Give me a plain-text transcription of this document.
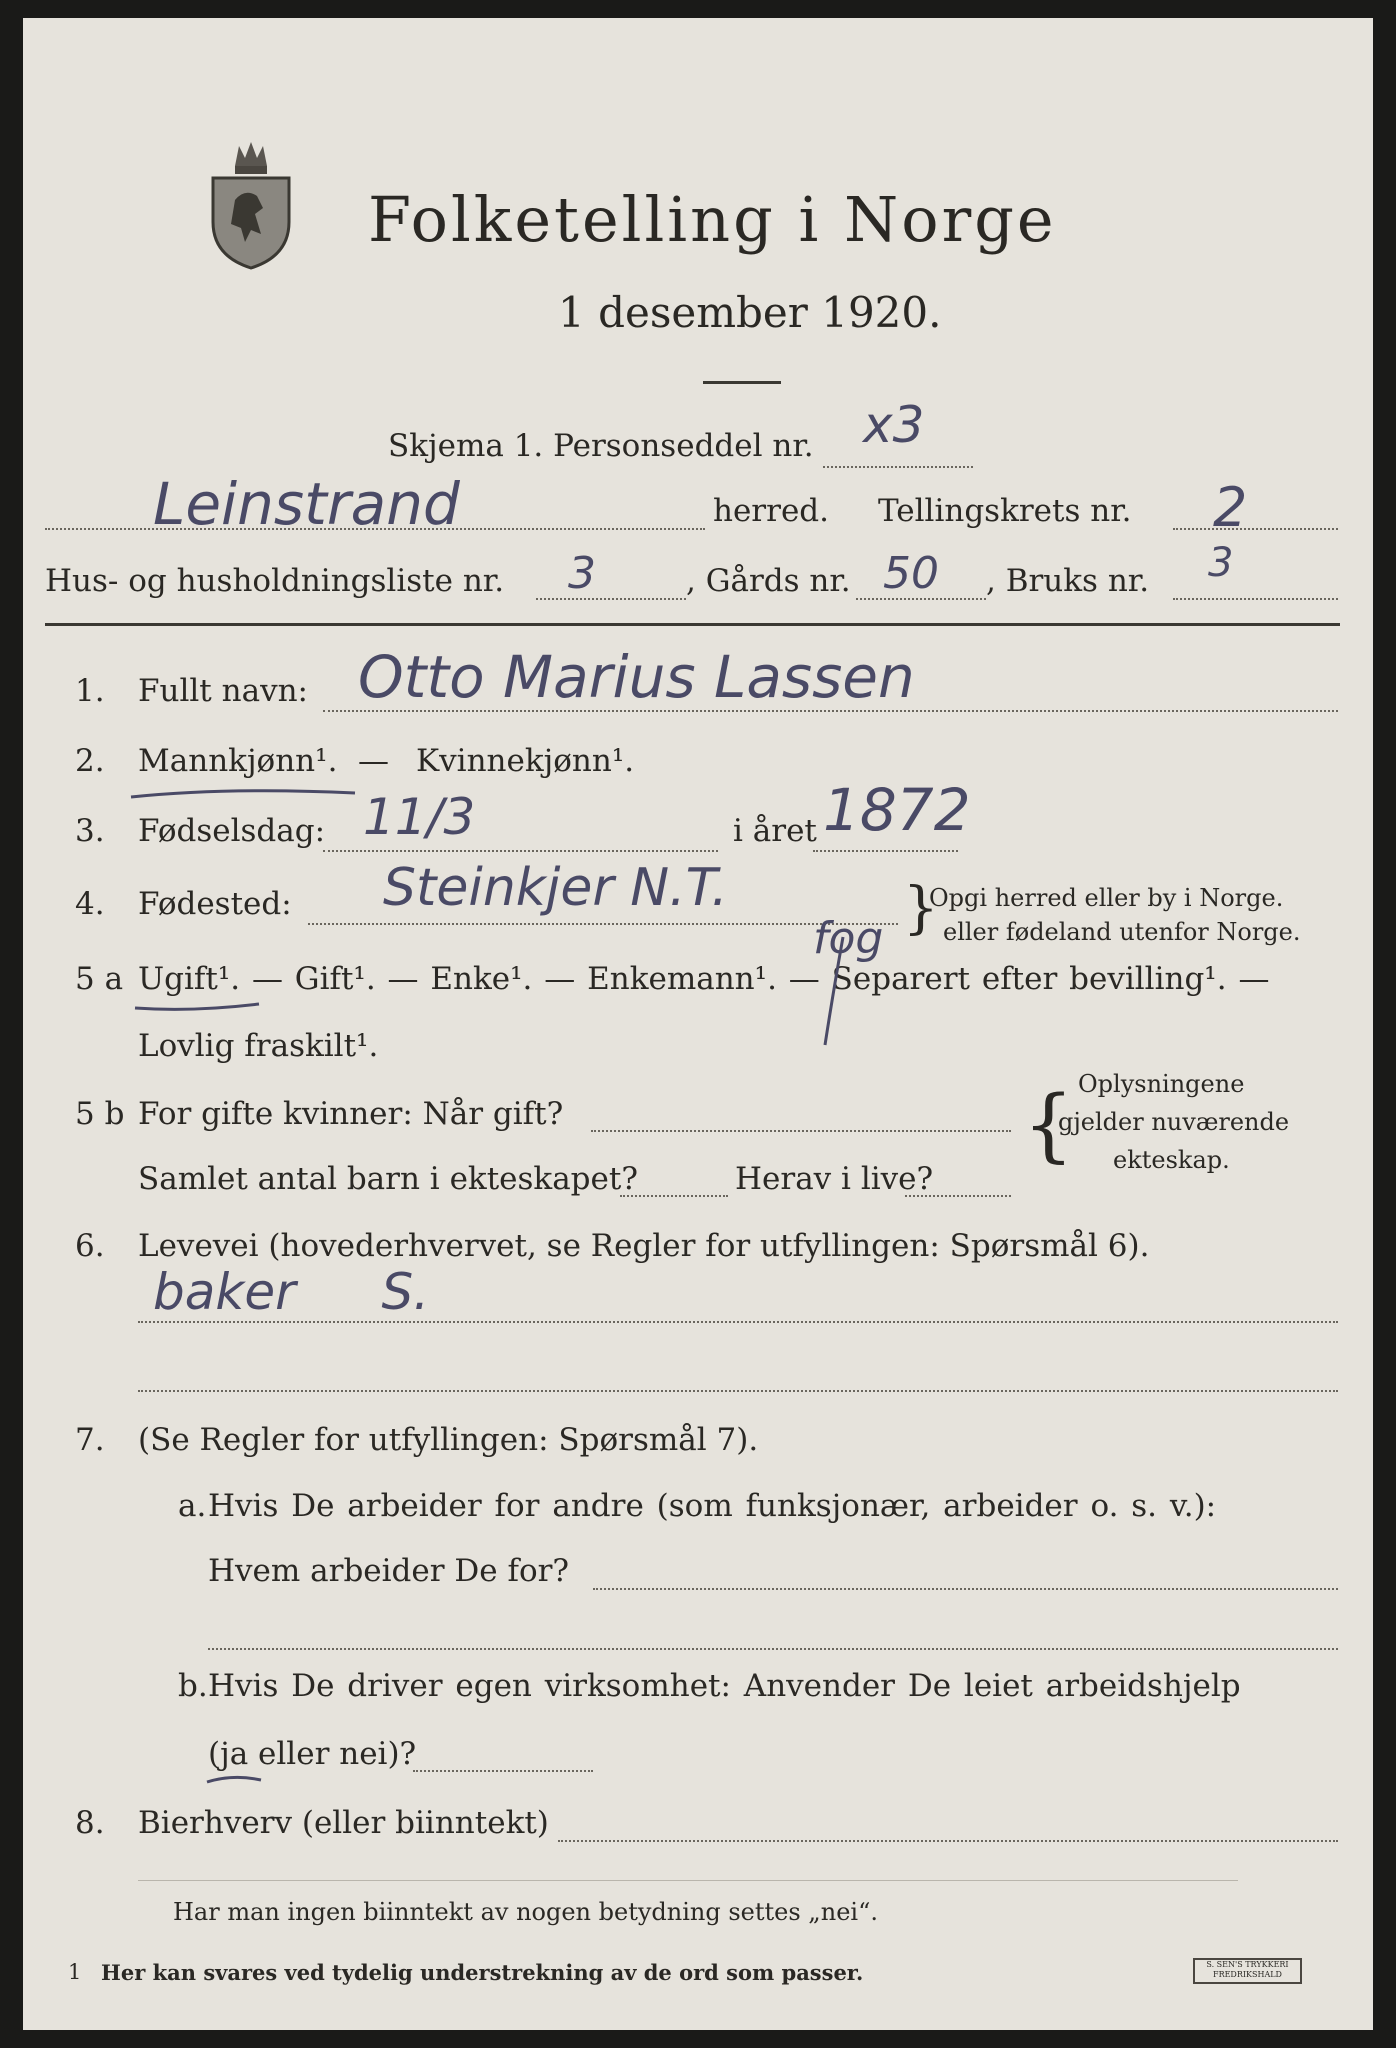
Folketelling i Norge
1 desember 1920.
Skjema 1. Personseddel nr. x3
Leinstrand	herred. Tellingskrets nr. 2
Hus- og husholdningsliste nr. 3	, Gårds nr. 50 , Bruks nr. 3
1. Fullt navn: Otto Marius Lassen
2. Mannkjønn¹. — Kvinnekjønn¹.
3. Fødselsdag: 11/3	i året 1872
4. Fødested: Steinkjer N.T.
fog }
Opgi herred eller by i Norge.
eller fødeland utenfor Norge.
5 a Ugift¹. — Gift¹. — Enke¹. — Enkemann¹. — Separert efter bevilling¹. —
Lovlig fraskilt¹.
5 b For gifte kvinner: Når gift?
Samlet antal barn i ekteskapet?	Herav i live?
{ Oplysningene
gjelder nuværende
ekteskap.
6. Levevei (hovederhvervet, se Regler for utfyllingen: Spørsmål 6).
baker S.
7. (Se Regler for utfyllingen: Spørsmål 7).
a. Hvis De arbeider for andre (som funksjonær, arbeider o. s. v.):
Hvem arbeider De for?
b. Hvis De driver egen virksomhet: Anvender De leiet arbeidshjelp
(ja eller nei)?
8. Bierhverv (eller biinntekt)
Har man ingen biinntekt av nogen betydning settes „nei“.
1 Her kan svares ved tydelig understrekning av de ord som passer.	S. SEN'S TRYKKERI FREDRIKSHALD
